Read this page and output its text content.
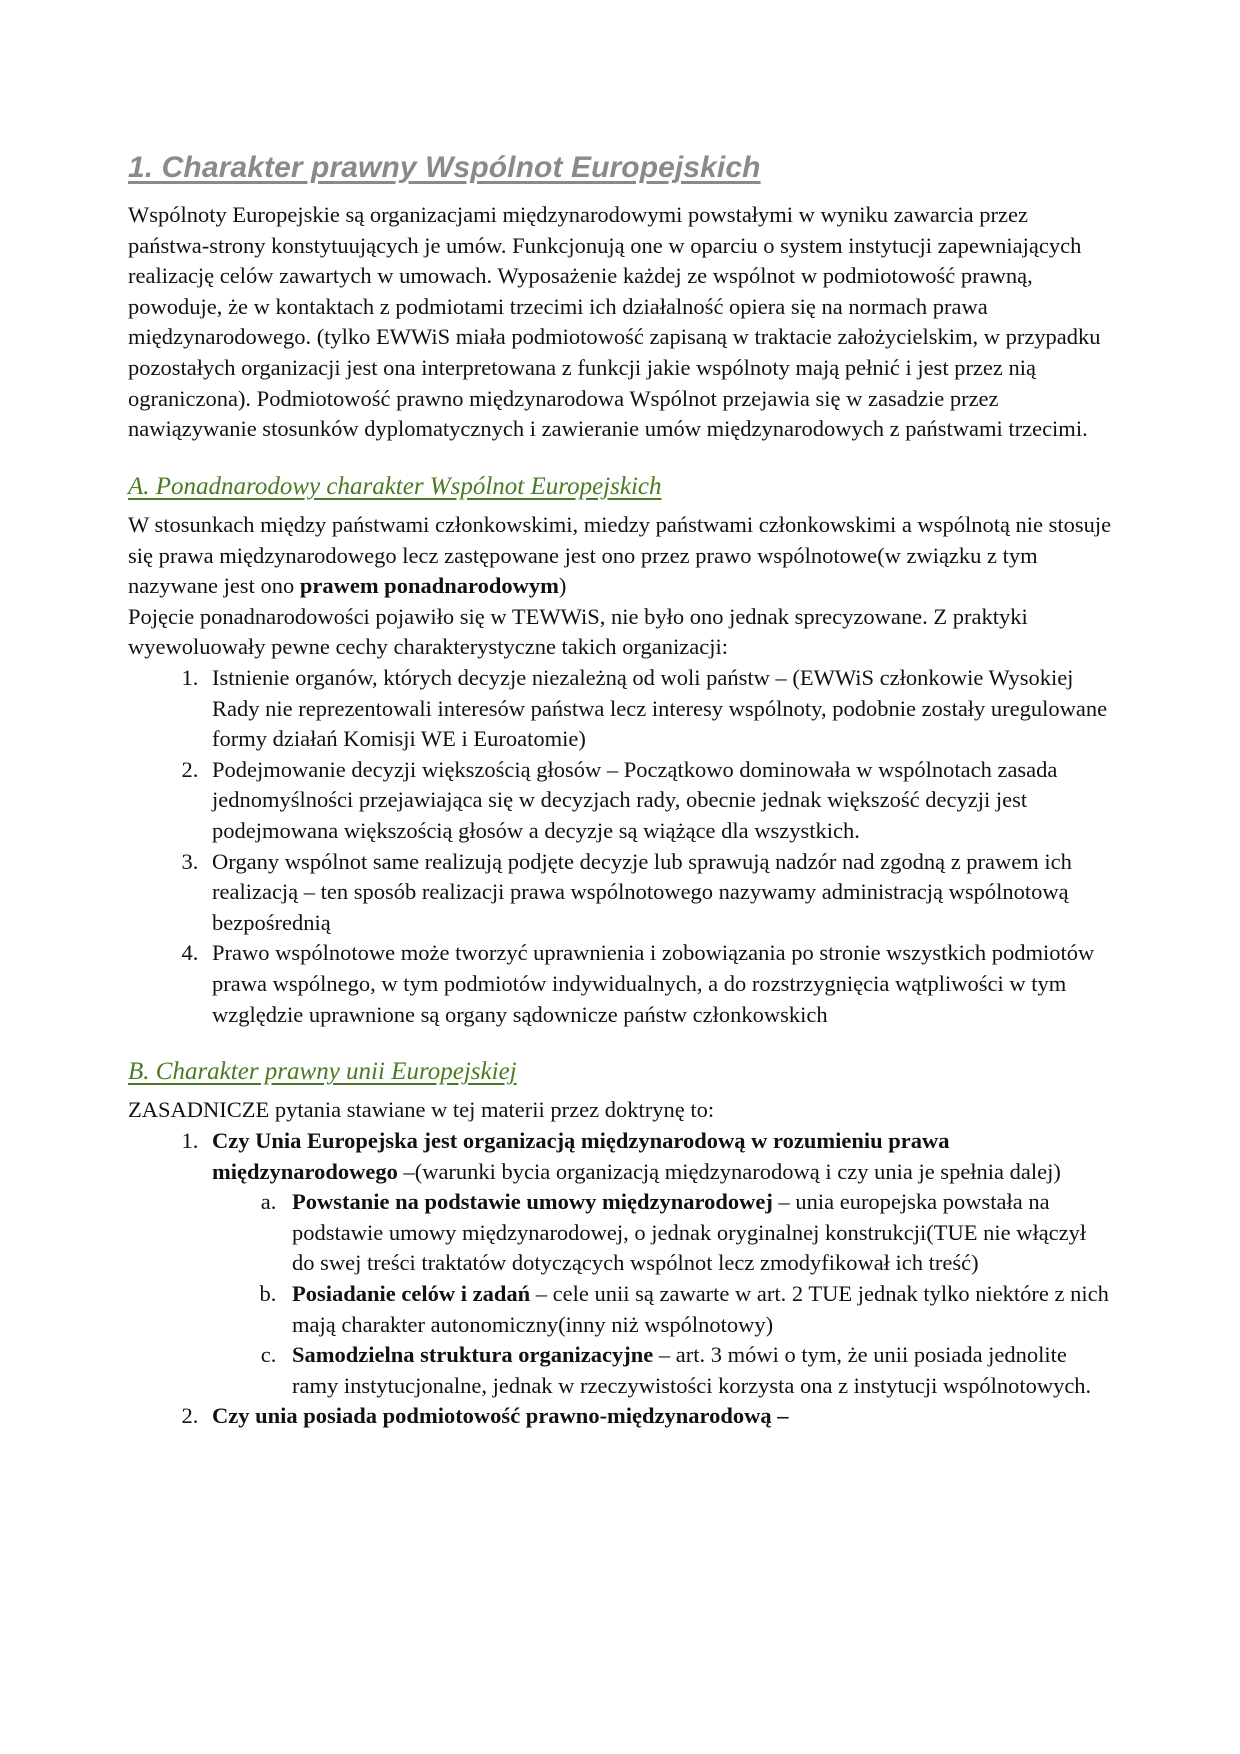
1. Charakter prawny Wspólnot Europejskich

Wspólnoty Europejskie są organizacjami międzynarodowymi powstałymi w wyniku zawarcia przez państwa-strony konstytuujących je umów. Funkcjonują one w oparciu o system instytucji zapewniających realizację celów zawartych w umowach. Wyposażenie każdej ze wspólnot w podmiotowość prawną, powoduje, że w kontaktach z podmiotami trzecimi ich działalność opiera się na normach prawa międzynarodowego. (tylko EWWiS miała podmiotowość zapisaną w traktacie założycielskim, w przypadku pozostałych organizacji jest ona interpretowana z funkcji jakie wspólnoty mają pełnić i jest przez nią ograniczona). Podmiotowość prawno międzynarodowa Wspólnot przejawia się w zasadzie przez nawiązywanie stosunków dyplomatycznych i zawieranie umów międzynarodowych z państwami trzecimi.

A. Ponadnarodowy charakter Wspólnot Europejskich

W stosunkach między państwami członkowskimi, miedzy państwami członkowskimi a wspólnotą nie stosuje się prawa międzynarodowego lecz zastępowane jest ono przez prawo wspólnotowe(w związku z tym nazywane jest ono prawem ponadnarodowym)

Pojęcie ponadnarodowości pojawiło się w TEWWiS, nie było ono jednak sprecyzowane. Z praktyki wyewoluowały pewne cechy charakterystyczne takich organizacji:

1. Istnienie organów, których decyzje niezależną od woli państw – (EWWiS członkowie Wysokiej Rady nie reprezentowali interesów państwa lecz interesy wspólnoty, podobnie zostały uregulowane formy działań Komisji WE i Euroatomie)
2. Podejmowanie decyzji większością głosów – Początkowo dominowała w wspólnotach zasada jednomyślności przejawiająca się w decyzjach rady, obecnie jednak większość decyzji jest podejmowana większością głosów a decyzje są wiążące dla wszystkich.
3. Organy wspólnot same realizują podjęte decyzje lub sprawują nadzór nad zgodną z prawem ich realizacją – ten sposób realizacji prawa wspólnotowego nazywamy administracją wspólnotową bezpośrednią
4. Prawo wspólnotowe może tworzyć uprawnienia i zobowiązania po stronie wszystkich podmiotów prawa wspólnego, w tym podmiotów indywidualnych, a do rozstrzygnięcia wątpliwości w tym względzie uprawnione są organy sądownicze państw członkowskich
B. Charakter prawny unii Europejskiej

ZASADNICZE pytania stawiane w tej materii przez doktrynę to:

1. Czy Unia Europejska jest organizacją międzynarodową w rozumieniu prawa międzynarodowego –(warunki bycia organizacją międzynarodową i czy unia je spełnia dalej)
a. Powstanie na podstawie umowy międzynarodowej – unia europejska powstała na podstawie umowy międzynarodowej, o jednak oryginalnej konstrukcji(TUE nie włączył do swej treści traktatów dotyczących wspólnot lecz zmodyfikował ich treść)
b. Posiadanie celów i zadań – cele unii są zawarte w art. 2 TUE jednak tylko niektóre z nich mają charakter autonomiczny(inny niż wspólnotowy)
c. Samodzielna struktura organizacyjne – art. 3 mówi o tym, że unii posiada jednolite ramy instytucjonalne, jednak w rzeczywistości korzysta ona z instytucji wspólnotowych.
2. Czy unia posiada podmiotowość prawno-międzynarodową –
